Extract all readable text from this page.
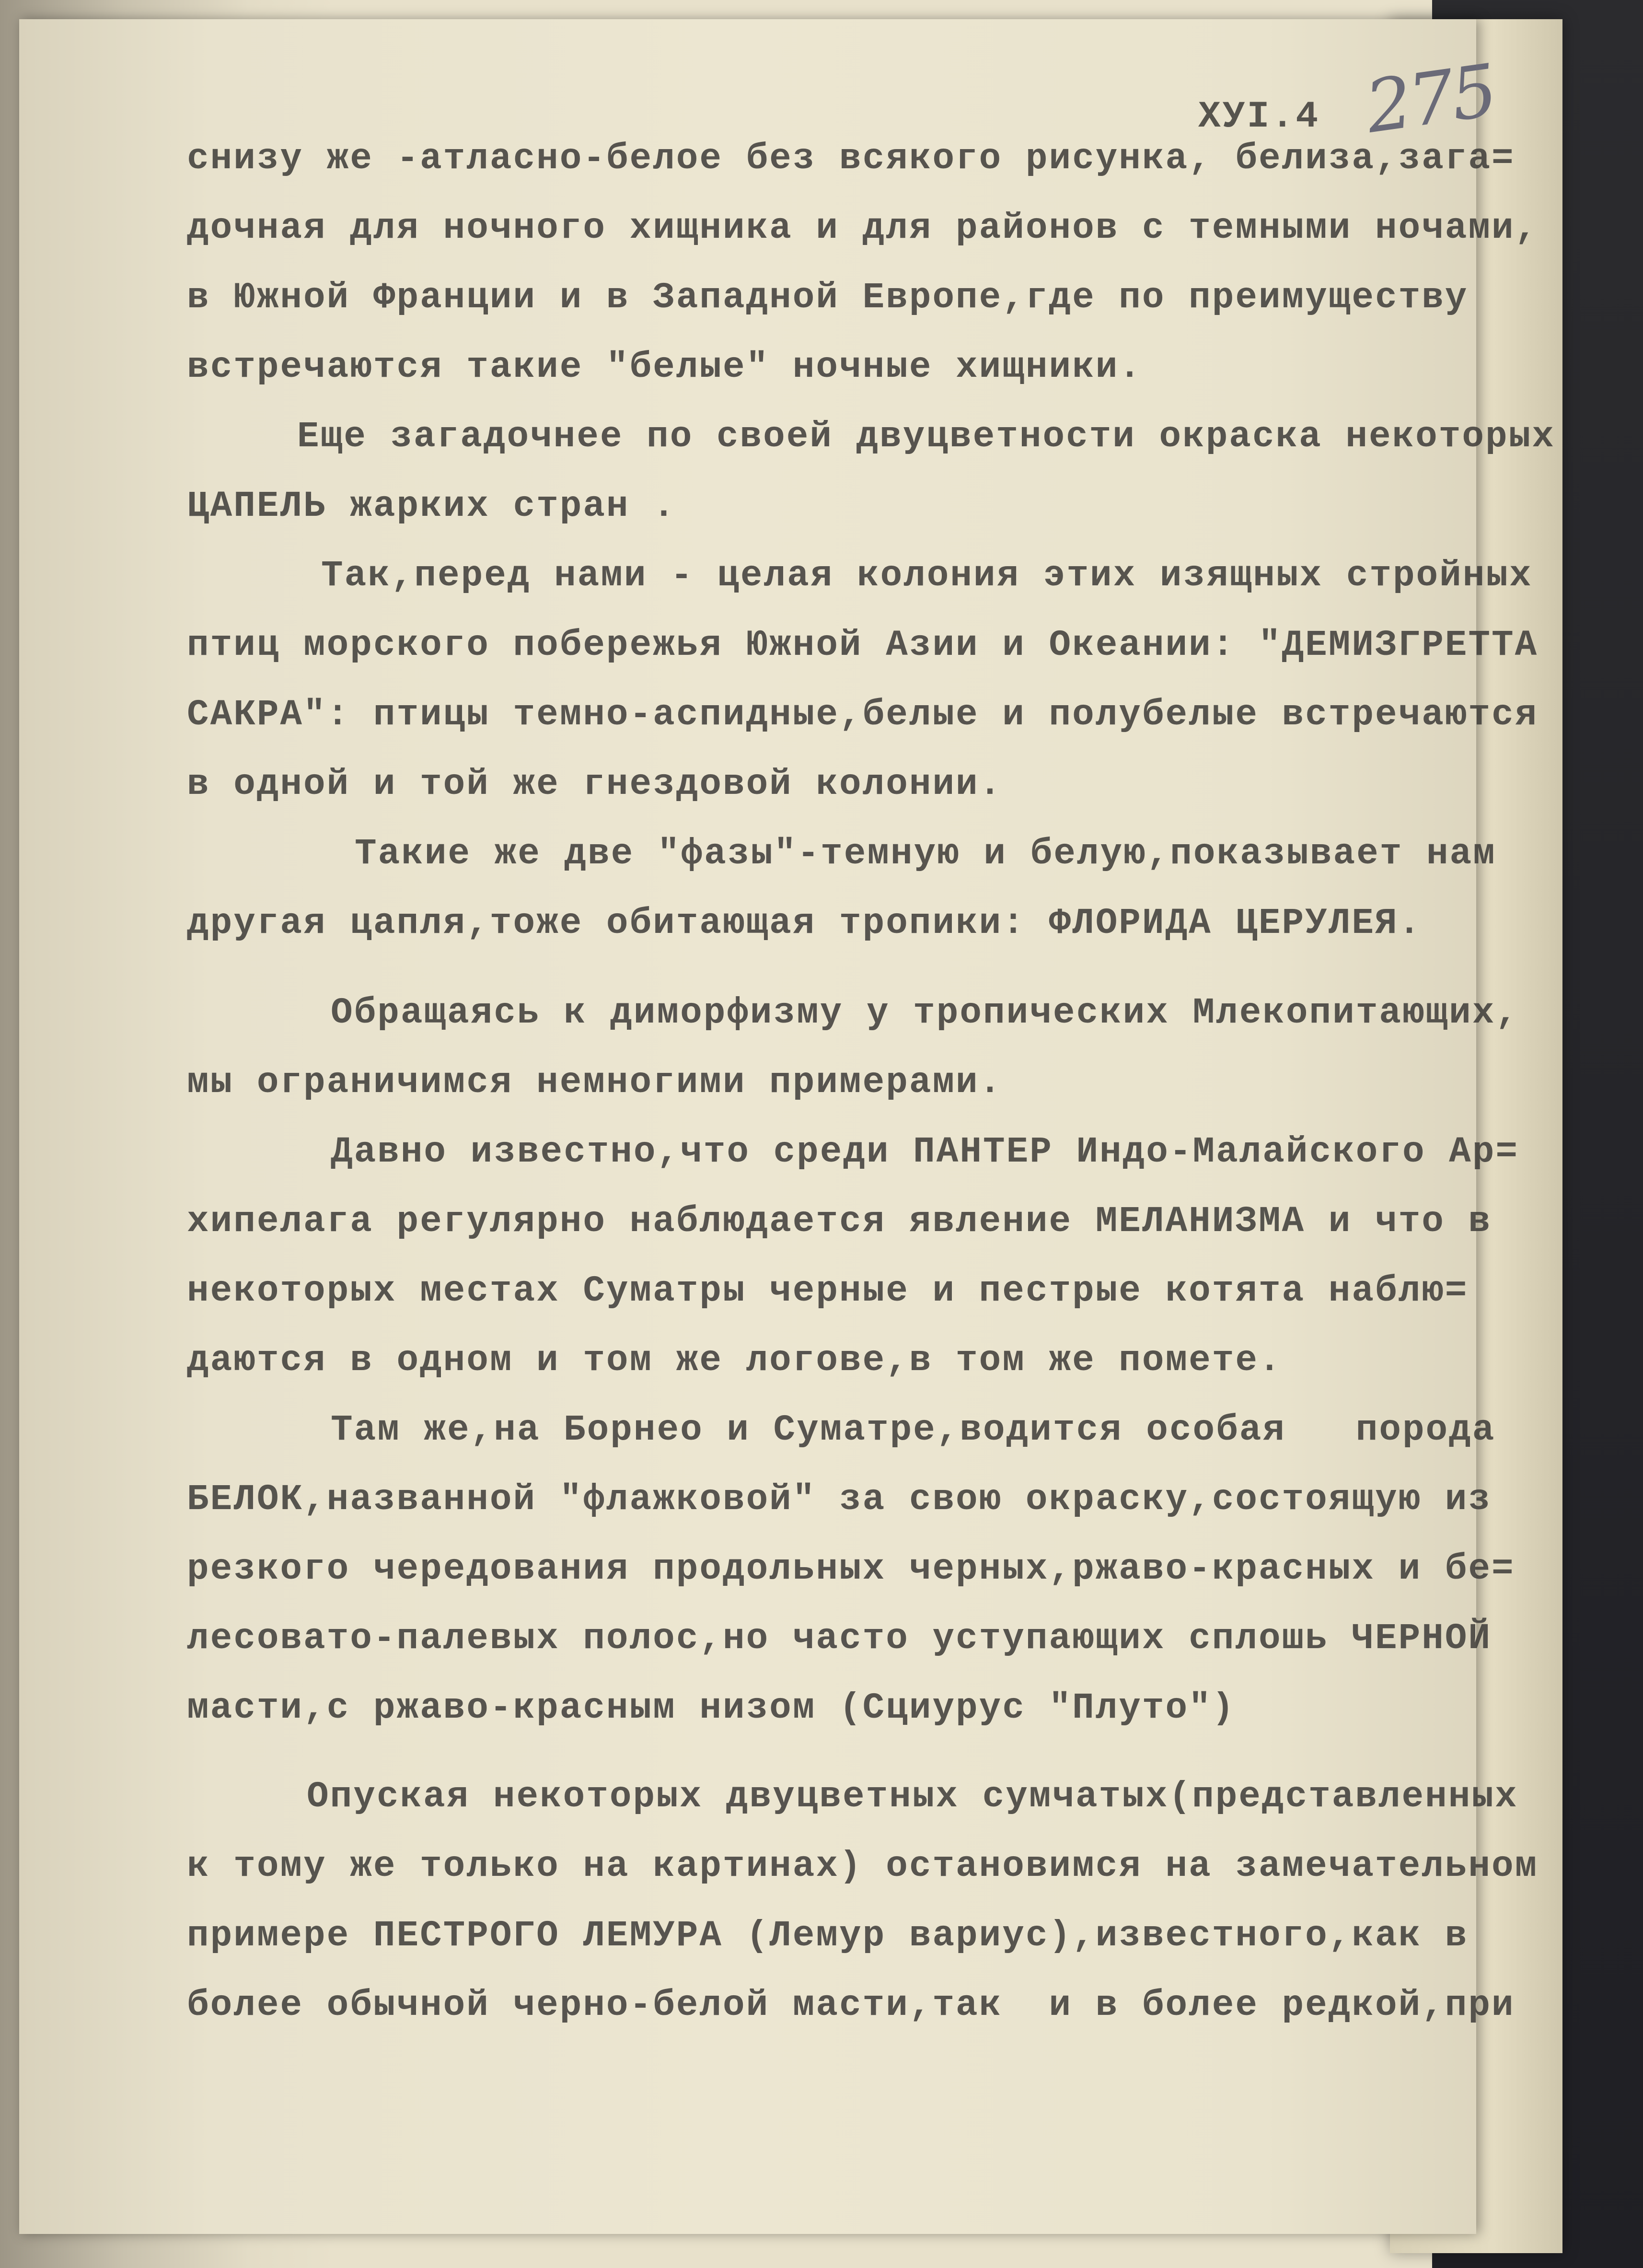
ХУI.4 275
снизу же -атласно-белое без всякого рисунка, белиза,зага=
дочная для ночного хищника и для районов с темными ночами,
в Южной Франции и в Западной Европе,где по преимуществу
встречаются такие "белые" ночные хищники.
Еще загадочнее по своей двуцветности окраска некоторых
ЦАПЕЛЬ жарких стран .
Так,перед нами - целая колония этих изящных стройных
птиц морского побережья Южной Азии и Океании: "ДЕМИЗГРЕТТА
САКРА": птицы темно-аспидные,белые и полубелые встречаются
в одной и той же гнездовой колонии.
Такие же две "фазы"-темную и белую,показывает нам
другая цапля,тоже обитающая тропики: ФЛОРИДА ЦЕРУЛЕЯ.
Обращаясь к диморфизму у тропических Млекопитающих,
мы ограничимся немногими примерами.
Давно известно,что среди ПАНТЕР Индо-Малайского Ар=
хипелага регулярно наблюдается явление МЕЛАНИЗМА и что в
некоторых местах Суматры черные и пестрые котята наблю=
даются в одном и том же логове,в том же помете.
Там же,на Борнео и Суматре,водится особая   порода
БЕЛОК,названной "флажковой" за свою окраску,состоящую из
резкого чередования продольных черных,ржаво-красных и бе=
лесовато-палевых полос,но часто уступающих сплошь ЧЕРНОЙ
масти,с ржаво-красным низом (Сциурус "Плуто")
Опуская некоторых двуцветных сумчатых(представленных
к тому же только на картинах) остановимся на замечательном
примере ПЕСТРОГО ЛЕМУРА (Лемур вариус),известного,как в
более обычной черно-белой масти,так  и в более редкой,при
